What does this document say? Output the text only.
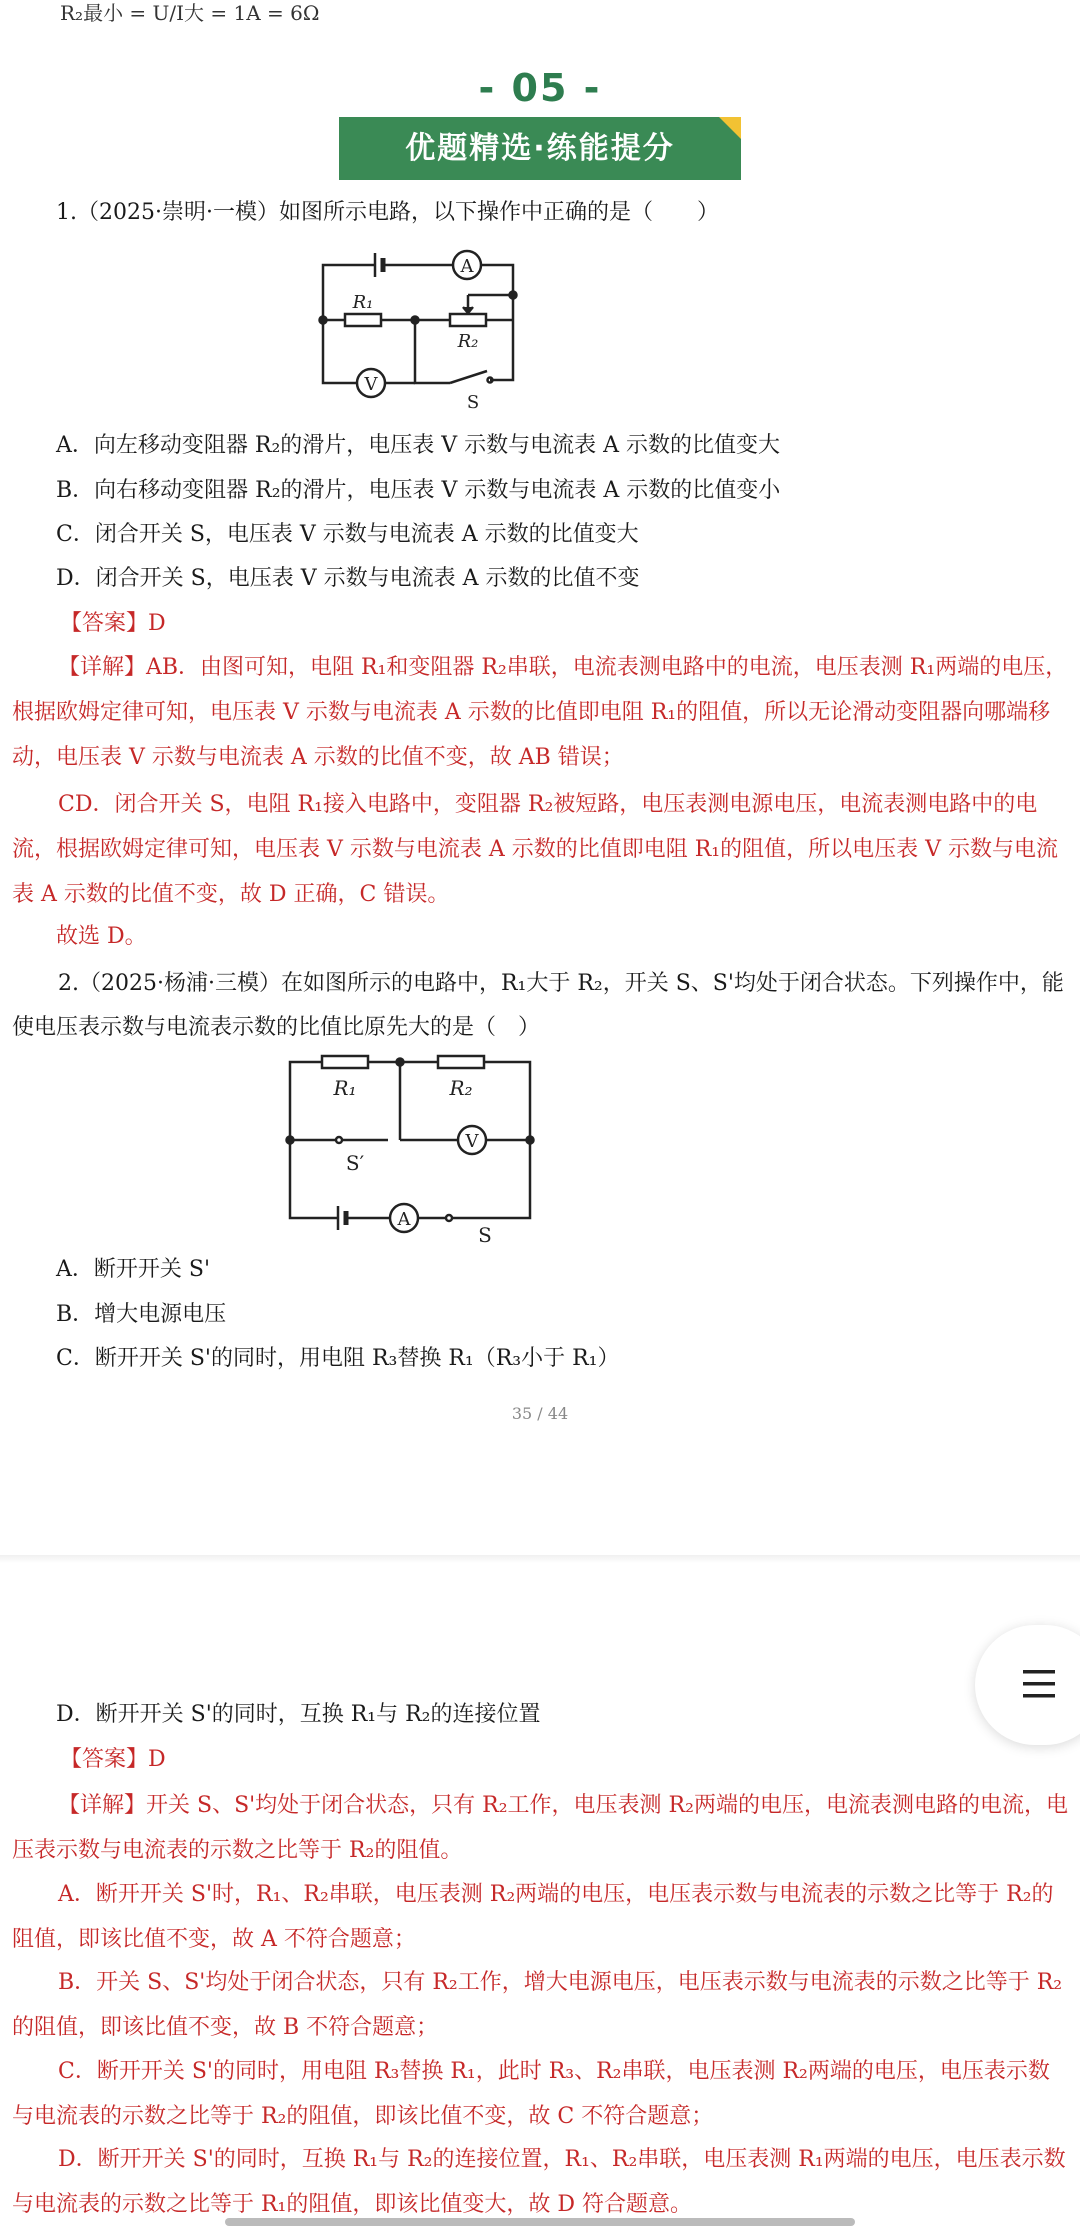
R₂最小 = U/I大 = 1A = 6Ω
- 05 -
优题精选·练能提分
1.（2025·崇明·一模）如图所示电路，以下操作中正确的是（　　）
A
V
R₁
R₂
S
A．向左移动变阻器 R₂的滑片，电压表 V 示数与电流表 A 示数的比值变大
B．向右移动变阻器 R₂的滑片，电压表 V 示数与电流表 A 示数的比值变小
C．闭合开关 S，电压表 V 示数与电流表 A 示数的比值变大
D．闭合开关 S，电压表 V 示数与电流表 A 示数的比值不变
【答案】D
【详解】AB．由图可知，电阻 R₁和变阻器 R₂串联，电流表测电路中的电流，电压表测 R₁两端的电压，根据欧姆定律可知，电压表 V 示数与电流表 A 示数的比值即电阻 R₁的阻值，所以无论滑动变阻器向哪端移动，电压表 V 示数与电流表 A 示数的比值不变，故 AB 错误；
CD．闭合开关 S，电阻 R₁接入电路中，变阻器 R₂被短路，电压表测电源电压，电流表测电路中的电流，根据欧姆定律可知，电压表 V 示数与电流表 A 示数的比值即电阻 R₁的阻值，所以电压表 V 示数与电流表 A 示数的比值不变，故 D 正确，C 错误。
故选 D。
2.（2025·杨浦·三模）在如图所示的电路中，R₁大于 R₂，开关 S、S'均处于闭合状态。下列操作中，能使电压表示数与电流表示数的比值比原先大的是（　）
R₁	R₂
S′
V
A
S
A．断开开关 S'
B．增大电源电压
C．断开开关 S'的同时，用电阻 R₃替换 R₁（R₃小于 R₁）
35 / 44
D．断开开关 S'的同时，互换 R₁与 R₂的连接位置
【答案】D
【详解】开关 S、S'均处于闭合状态，只有 R₂工作，电压表测 R₂两端的电压，电流表测电路的电流，电压表示数与电流表的示数之比等于 R₂的阻值。
A．断开开关 S'时，R₁、R₂串联，电压表测 R₂两端的电压，电压表示数与电流表的示数之比等于 R₂的阻值，即该比值不变，故 A 不符合题意；
B．开关 S、S'均处于闭合状态，只有 R₂工作，增大电源电压，电压表示数与电流表的示数之比等于 R₂的阻值，即该比值不变，故 B 不符合题意；
C．断开开关 S'的同时，用电阻 R₃替换 R₁，此时 R₃、R₂串联，电压表测 R₂两端的电压，电压表示数与电流表的示数之比等于 R₂的阻值，即该比值不变，故 C 不符合题意；
D．断开开关 S'的同时，互换 R₁与 R₂的连接位置，R₁、R₂串联，电压表测 R₁两端的电压，电压表示数与电流表的示数之比等于 R₁的阻值，即该比值变大，故 D 符合题意。
